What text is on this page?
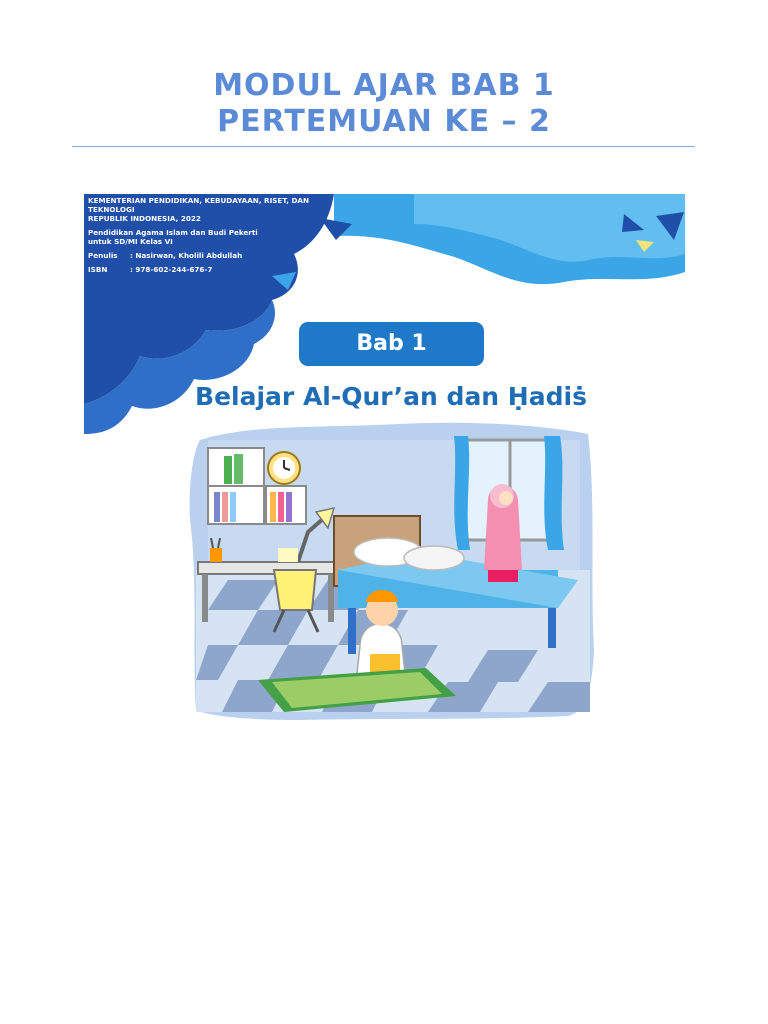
MODUL AJAR BAB 1
PERTEMUAN KE – 2
KEMENTERIAN PENDIDIKAN, KEBUDAYAAN, RISET, DAN TEKNOLOGI
REPUBLIK INDONESIA, 2022
Pendidikan Agama Islam dan Budi Pekerti
untuk SD/MI Kelas VI
Penulis	: Nasirwan, Kholili Abdullah
ISBN	: 978-602-244-676-7
Bab 1
Belajar Al-Qur’an dan Ḥadiṡ
